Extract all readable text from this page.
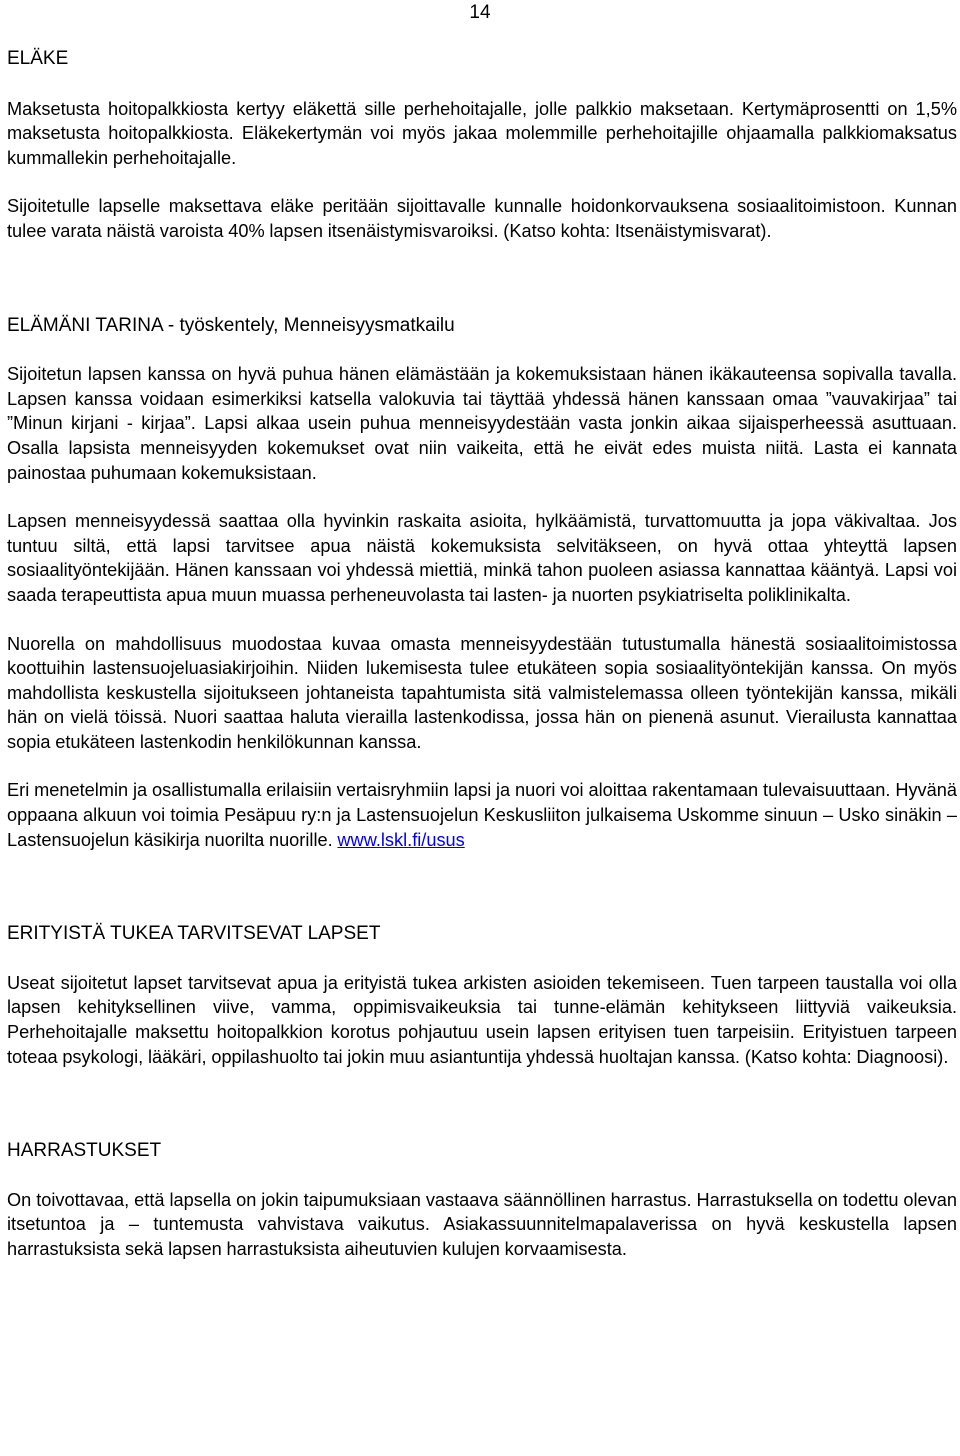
14
ELÄKE

Maksetusta hoitopalkkiosta kertyy eläkettä sille perhehoitajalle, jolle palkkio maksetaan. Kertymäprosentti on 1,5% maksetusta hoitopalkkiosta. Eläkekertymän voi myös jakaa molemmille perhehoitajille ohjaamalla palkkiomaksatus kummallekin perhehoitajalle.

Sijoitetulle lapselle maksettava eläke peritään sijoittavalle kunnalle hoidonkorvauksena sosiaalitoimistoon. Kunnan tulee varata näistä varoista 40% lapsen itsenäistymisvaroiksi. (Katso kohta: Itsenäistymisvarat).

ELÄMÄNI TARINA - työskentely, Menneisyysmatkailu

Sijoitetun lapsen kanssa on hyvä puhua hänen elämästään ja kokemuksistaan hänen ikäkauteensa sopivalla tavalla. Lapsen kanssa voidaan esimerkiksi katsella valokuvia tai täyttää yhdessä hänen kanssaan omaa ”vauvakirjaa” tai ”Minun kirjani - kirjaa”. Lapsi alkaa usein puhua menneisyydestään vasta jonkin aikaa sijaisperheessä asuttuaan. Osalla lapsista menneisyyden kokemukset ovat niin vaikeita, että he eivät edes muista niitä. Lasta ei kannata painostaa puhumaan kokemuksistaan.

Lapsen menneisyydessä saattaa olla hyvinkin raskaita asioita, hylkäämistä, turvattomuutta ja jopa väkivaltaa. Jos tuntuu siltä, että lapsi tarvitsee apua näistä kokemuksista selvitäkseen, on hyvä ottaa yhteyttä lapsen sosiaalityöntekijään. Hänen kanssaan voi yhdessä miettiä, minkä tahon puoleen asiassa kannattaa kääntyä. Lapsi voi saada terapeuttista apua muun muassa perheneuvolasta tai lasten- ja nuorten psykiatriselta poliklinikalta.

Nuorella on mahdollisuus muodostaa kuvaa omasta menneisyydestään tutustumalla hänestä sosiaalitoimistossa koottuihin lastensuojeluasiakirjoihin. Niiden lukemisesta tulee etukäteen sopia sosiaalityöntekijän kanssa. On myös mahdollista keskustella sijoitukseen johtaneista tapahtumista sitä valmistelemassa olleen työntekijän kanssa, mikäli hän on vielä töissä. Nuori saattaa haluta vierailla lastenkodissa, jossa hän on pienenä asunut. Vierailusta kannattaa sopia etukäteen lastenkodin henkilökunnan kanssa.

Eri menetelmin ja osallistumalla erilaisiin vertaisryhmiin lapsi ja nuori voi aloittaa rakentamaan tulevaisuuttaan. Hyvänä oppaana alkuun voi toimia Pesäpuu ry:n ja Lastensuojelun Keskusliiton julkaisema Uskomme sinuun – Usko sinäkin – Lastensuojelun käsikirja nuorilta nuorille. www.lskl.fi/usus

ERITYISTÄ TUKEA TARVITSEVAT LAPSET

Useat sijoitetut lapset tarvitsevat apua ja erityistä tukea arkisten asioiden tekemiseen. Tuen tarpeen taustalla voi olla lapsen kehityksellinen viive, vamma, oppimisvaikeuksia tai tunne-elämän kehitykseen liittyviä vaikeuksia. Perhehoitajalle maksettu hoitopalkkion korotus pohjautuu usein lapsen erityisen tuen tarpeisiin. Erityistuen tarpeen toteaa psykologi, lääkäri, oppilashuolto tai jokin muu asiantuntija yhdessä huoltajan kanssa. (Katso kohta: Diagnoosi).

HARRASTUKSET

On toivottavaa, että lapsella on jokin taipumuksiaan vastaava säännöllinen harrastus. Harrastuksella on todettu olevan itsetuntoa ja – tuntemusta vahvistava vaikutus. Asiakassuunnitelmapalaverissa on hyvä keskustella lapsen harrastuksista sekä lapsen harrastuksista aiheutuvien kulujen korvaamisesta.
